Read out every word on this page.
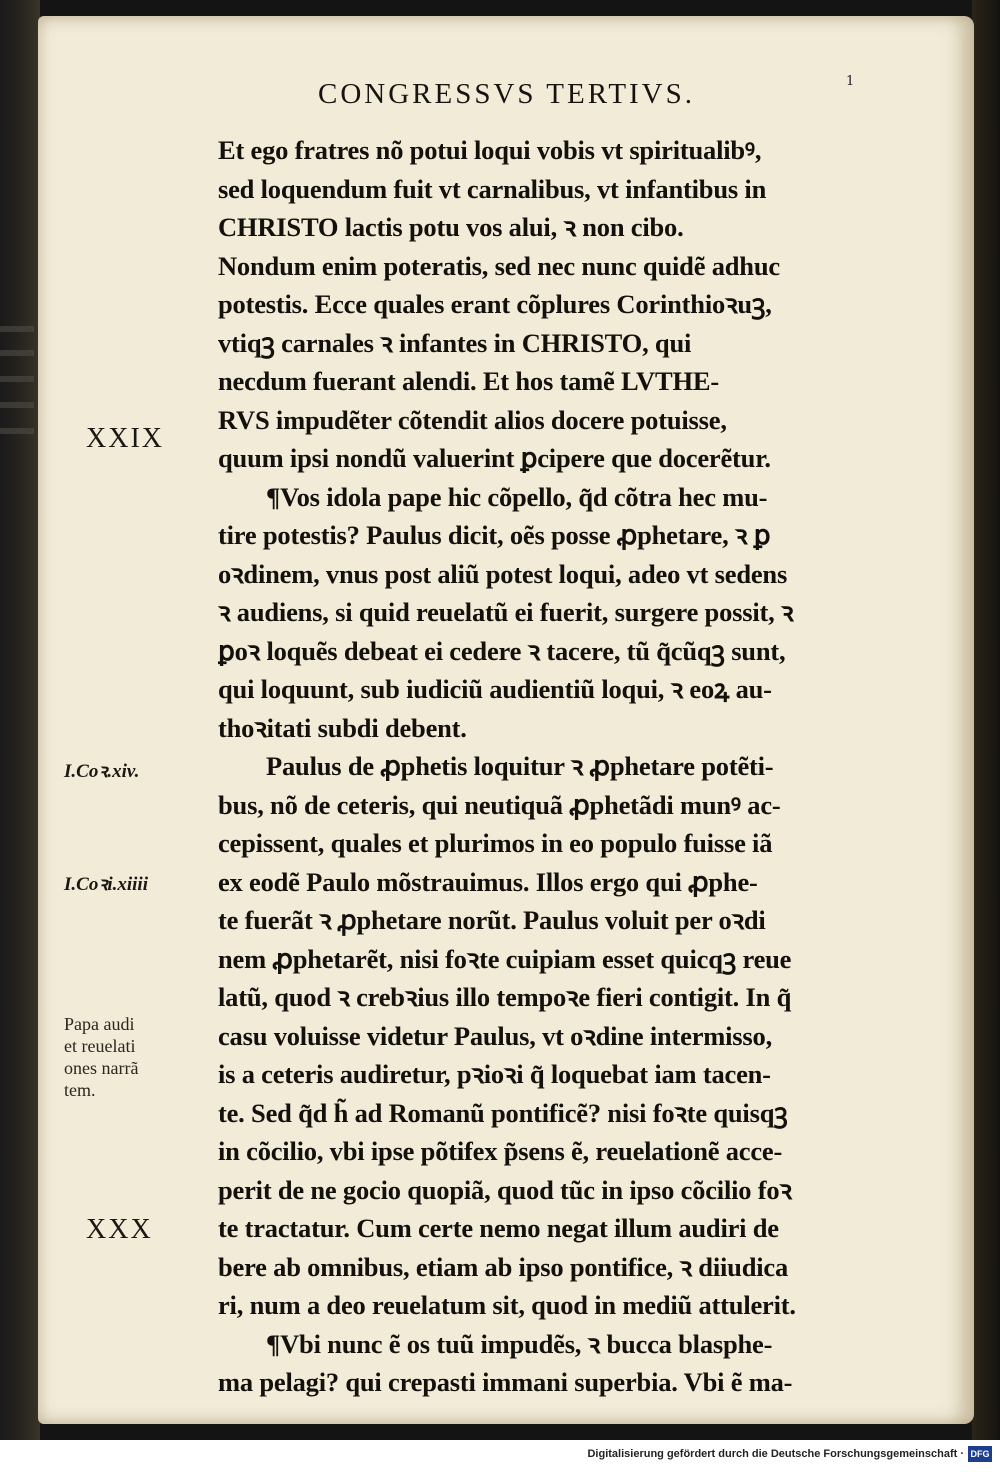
1
CONGRESSVS TERTIVS.
Et ego fratres nõ potui loqui vobis vt spiritualibꝰ,
sed loquendum fuit vt carnalibus, vt infantibus in
CHRISTO lactis potu vos alui, ꝛ non cibo.
Nondum enim poteratis, sed nec nunc quidẽ adhuc
potestis. Ecce quales erant cõplures Corinthioꝛuꝫ,
vtiqꝫ carnales ꝛ infantes in CHRISTO, qui
necdum fuerant alendi. Et hos tamẽ LVTHE-
RVS impudẽter cõtendit alios docere potuisse,
quum ipsi nondũ valuerint ꝑcipere que docerẽtur.
¶Vos idola pape hic cõpello, q̃d cõtra hec mu-
tire potestis? Paulus dicit, oẽs posse ꝓphetare, ꝛ ꝑ
oꝛdinem, vnus post aliũ potest loqui, adeo vt sedens
ꝛ audiens, si quid reuelatũ ei fuerit, surgere possit, ꝛ
ꝑoꝛ loquẽs debeat ei cedere ꝛ tacere, tũ q̃cũqꝫ sunt,
qui loquunt, sub iudiciũ audientiũ loqui, ꝛ eoꝝ au-
thoꝛitati subdi debent.
Paulus de ꝓphetis loquitur ꝛ ꝓphetare potẽti-
bus, nõ de ceteris, qui neutiquã ꝓphetãdi munꝰ ac-
cepissent, quales et plurimos in eo populo fuisse iã
ex eodẽ Paulo mõstrauimus. Illos ergo qui ꝓphe-
te fuerãt ꝛ ꝓphetare norũt. Paulus voluit per oꝛdi
nem ꝓphetarẽt, nisi foꝛte cuipiam esset quicqꝫ reue
latũ, quod ꝛ crebꝛius illo tempoꝛe fieri contigit. In q̃
casu voluisse videtur Paulus, vt oꝛdine intermisso,
is a ceteris audiretur, pꝛioꝛi q̃ loquebat iam tacen-
te. Sed q̃d h̃ ad Romanũ pontificẽ? nisi foꝛte quisqꝫ
in cõcilio, vbi ipse põtifex p̃sens ẽ, reuelationẽ acce-
perit de ne gocio quopiã, quod tũc in ipso cõcilio foꝛ
te tractatur. Cum certe nemo negat illum audiri de
bere ab omnibus, etiam ab ipso pontifice, ꝛ diiudica
ri, num a deo reuelatum sit, quod in mediũ attulerit.
¶Vbi nunc ẽ os tuũ impudẽs, ꝛ bucca blasphe-
ma pelagi? qui crepasti immani superbia. Vbi ẽ ma-
XXIX
I.Coꝛ.xiv.
I.Coꝛi.xiiii
Papa audi
et reuelati
ones narrã
tem.
XXX
Digitalisierung gefördert durch die Deutsche Forschungsgemeinschaft · DFG
